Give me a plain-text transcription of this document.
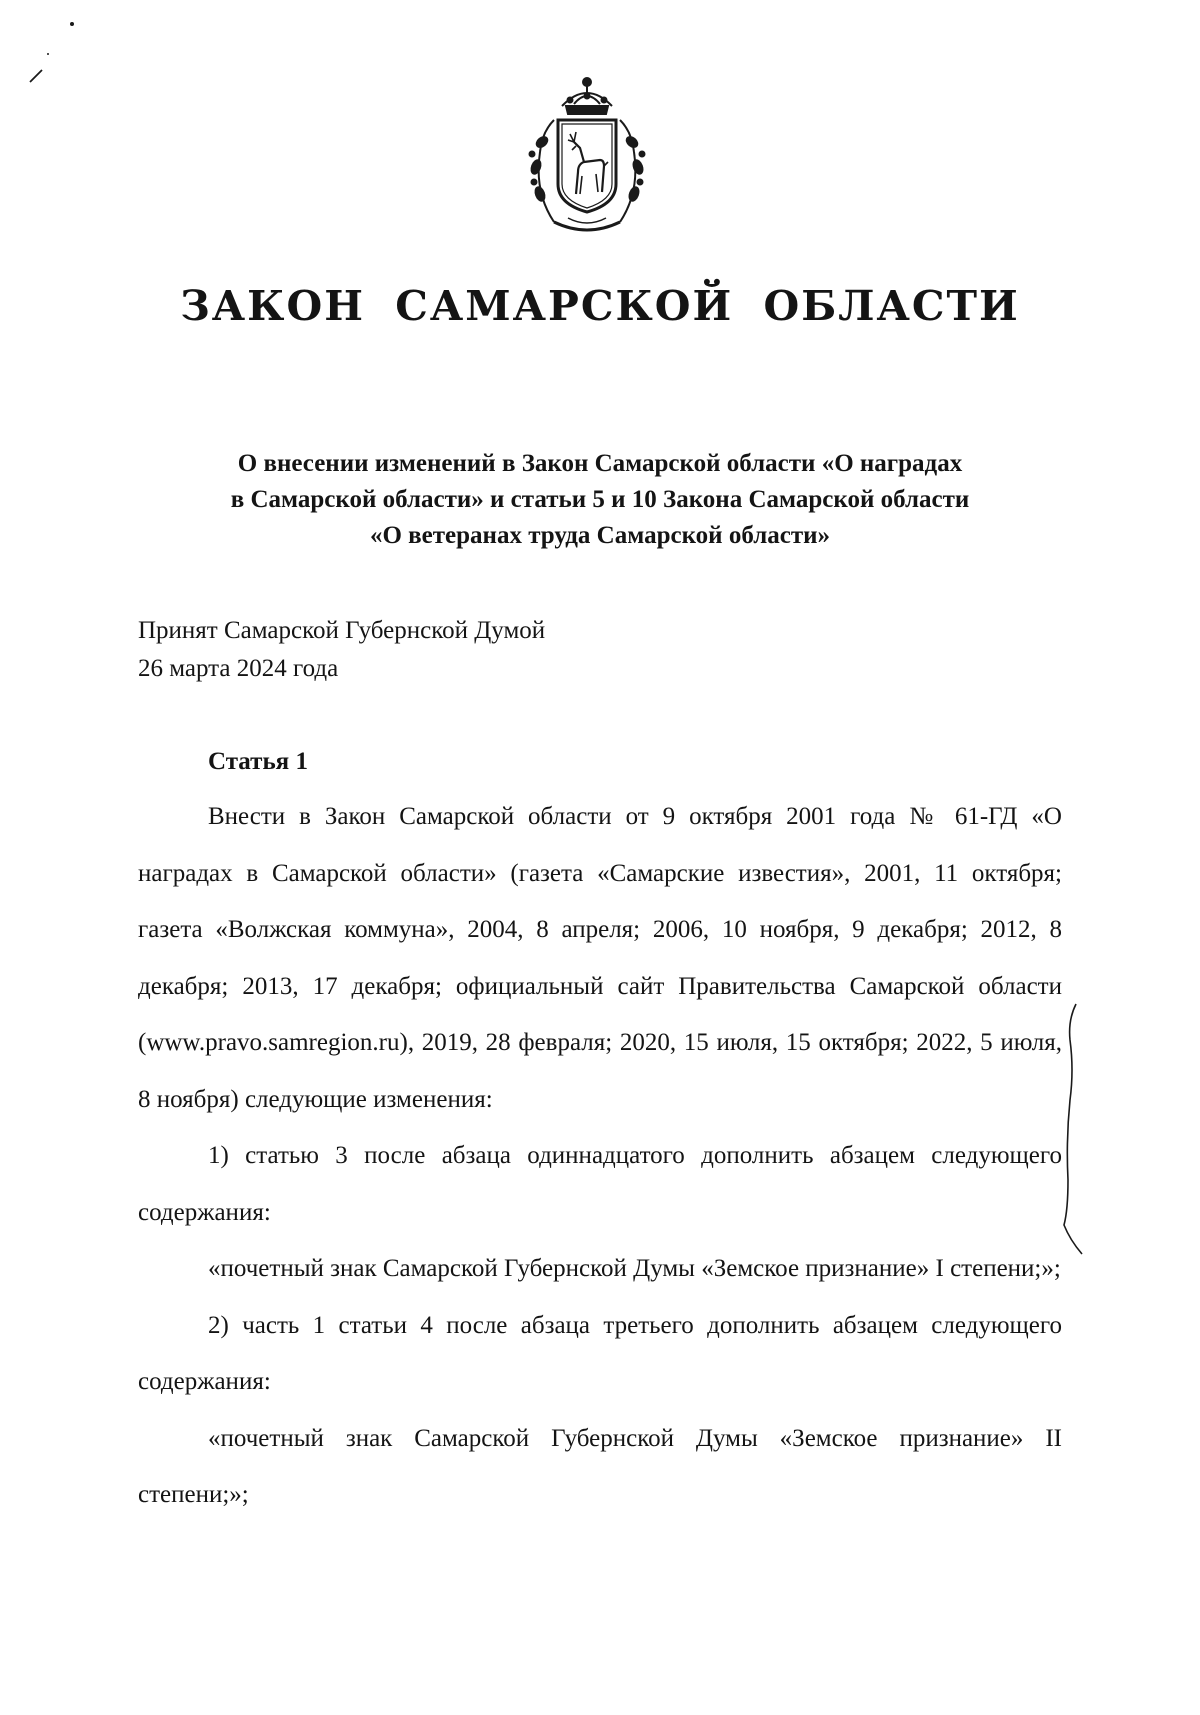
ЗАКОН САМАРСКОЙ ОБЛАСТИ
О внесении изменений в Закон Самарской области «О наградах
в Самарской области» и статьи 5 и 10 Закона Самарской области
«О ветеранах труда Самарской области»
Принят Самарской Губернской Думой
26 марта 2024 года
Статья 1

Внести в Закон Самарской области от 9 октября 2001 года № 61-ГД «О наградах в Самарской области» (газета «Самарские известия», 2001, 11 октября; газета «Волжская коммуна», 2004, 8 апреля; 2006, 10 ноября, 9 декабря; 2012, 8 декабря; 2013, 17 декабря; официальный сайт Правительства Самарской области (www.pravo.samregion.ru), 2019, 28 февраля; 2020, 15 июля, 15 октября; 2022, 5 июля, 8 ноября) следующие изменения:

1) статью 3 после абзаца одиннадцатого дополнить абзацем следующего содержания:

«почетный знак Самарской Губернской Думы «Земское признание» I степени;»;

2) часть 1 статьи 4 после абзаца третьего дополнить абзацем следующего содержания:

«почетный знак Самарской Губернской Думы «Земское признание» II степени;»;
